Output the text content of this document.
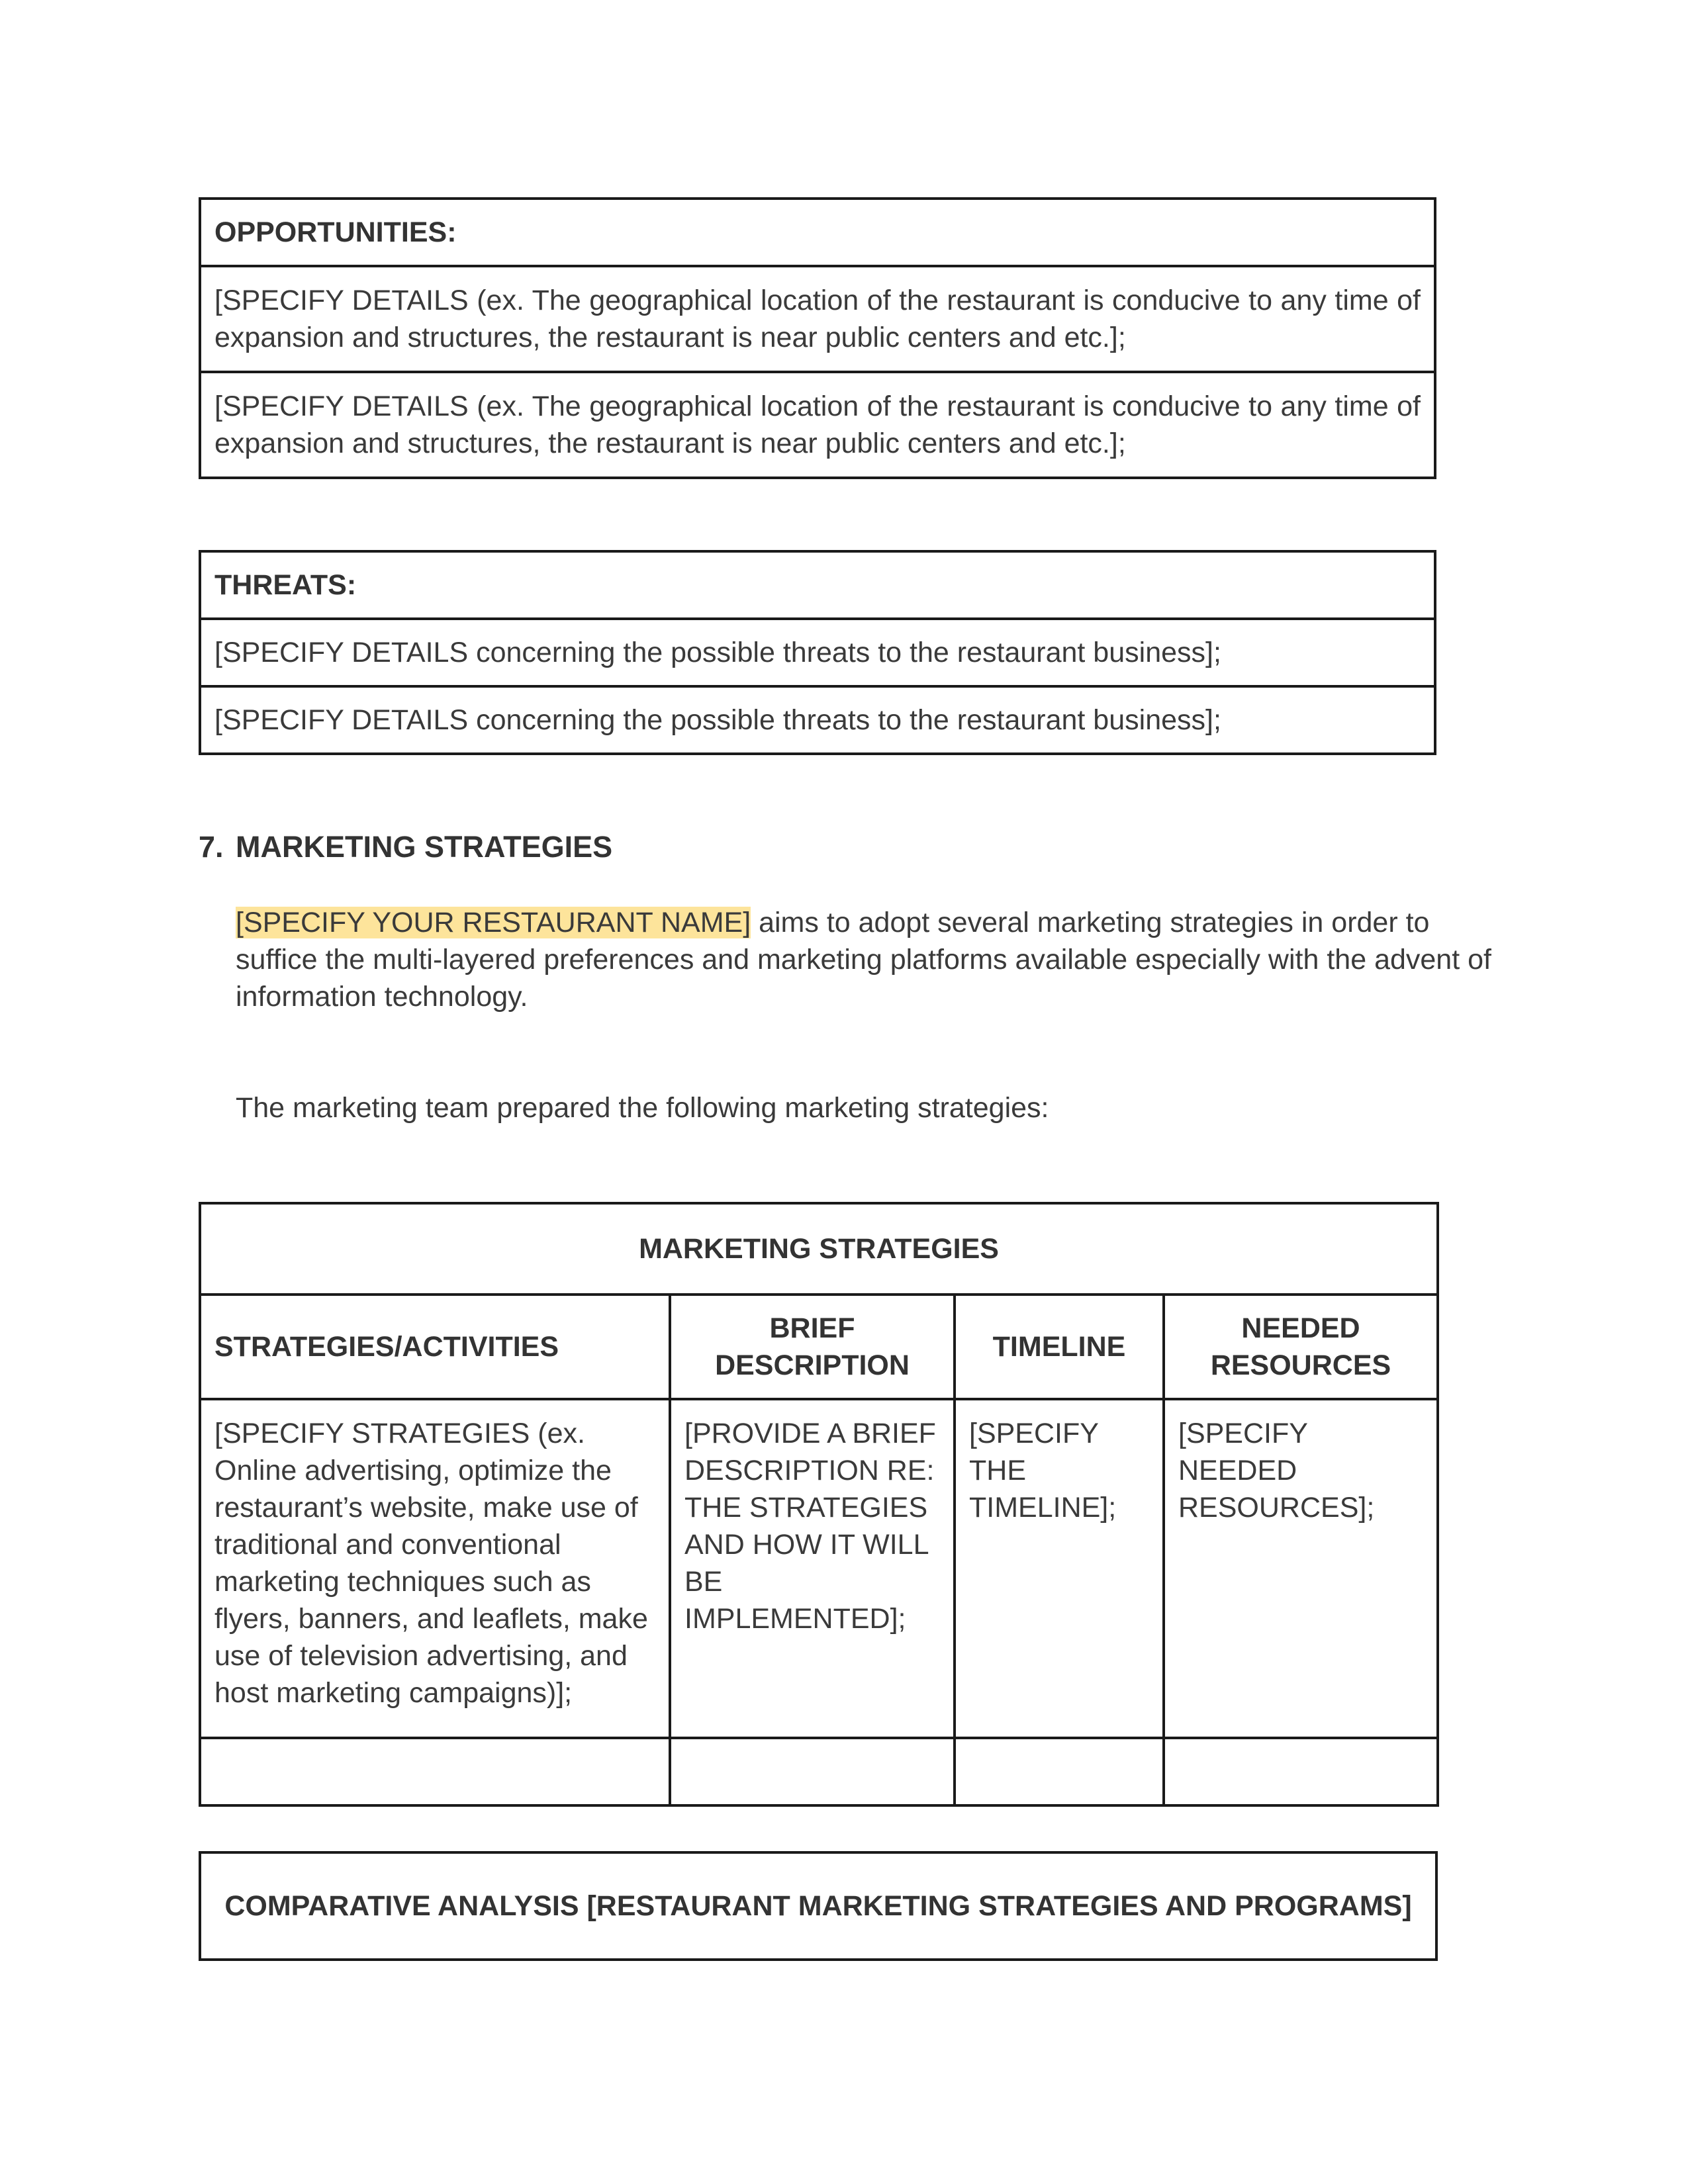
OPPORTUNITIES:
[SPECIFY DETAILS (ex. The geographical location of the restaurant is conducive to any time of expansion and structures, the restaurant is near public centers and etc.];
[SPECIFY DETAILS (ex. The geographical location of the restaurant is conducive to any time of expansion and structures, the restaurant is near public centers and etc.];
THREATS:
[SPECIFY DETAILS concerning the possible threats to the restaurant business];
[SPECIFY DETAILS concerning the possible threats to the restaurant business];
7. MARKETING STRATEGIES
[SPECIFY YOUR RESTAURANT NAME] aims to adopt several marketing strategies in order to suffice the multi-layered preferences and marketing platforms available especially with the advent of information technology.
The marketing team prepared the following marketing strategies:
MARKETING STRATEGIES			
STRATEGIES/ACTIVITIES	BRIEF DESCRIPTION	TIMELINE	NEEDED RESOURCES
[SPECIFY STRATEGIES (ex. Online advertising, optimize the restaurant’s website, make use of traditional and conventional marketing techniques such as flyers, banners, and leaflets, make use of television advertising, and host marketing campaigns)];	[PROVIDE A BRIEF DESCRIPTION RE: THE STRATEGIES AND HOW IT WILL BE IMPLEMENTED];	[SPECIFY THE TIMELINE];	[SPECIFY NEEDED RESOURCES];

COMPARATIVE ANALYSIS [RESTAURANT MARKETING STRATEGIES AND PROGRAMS]
